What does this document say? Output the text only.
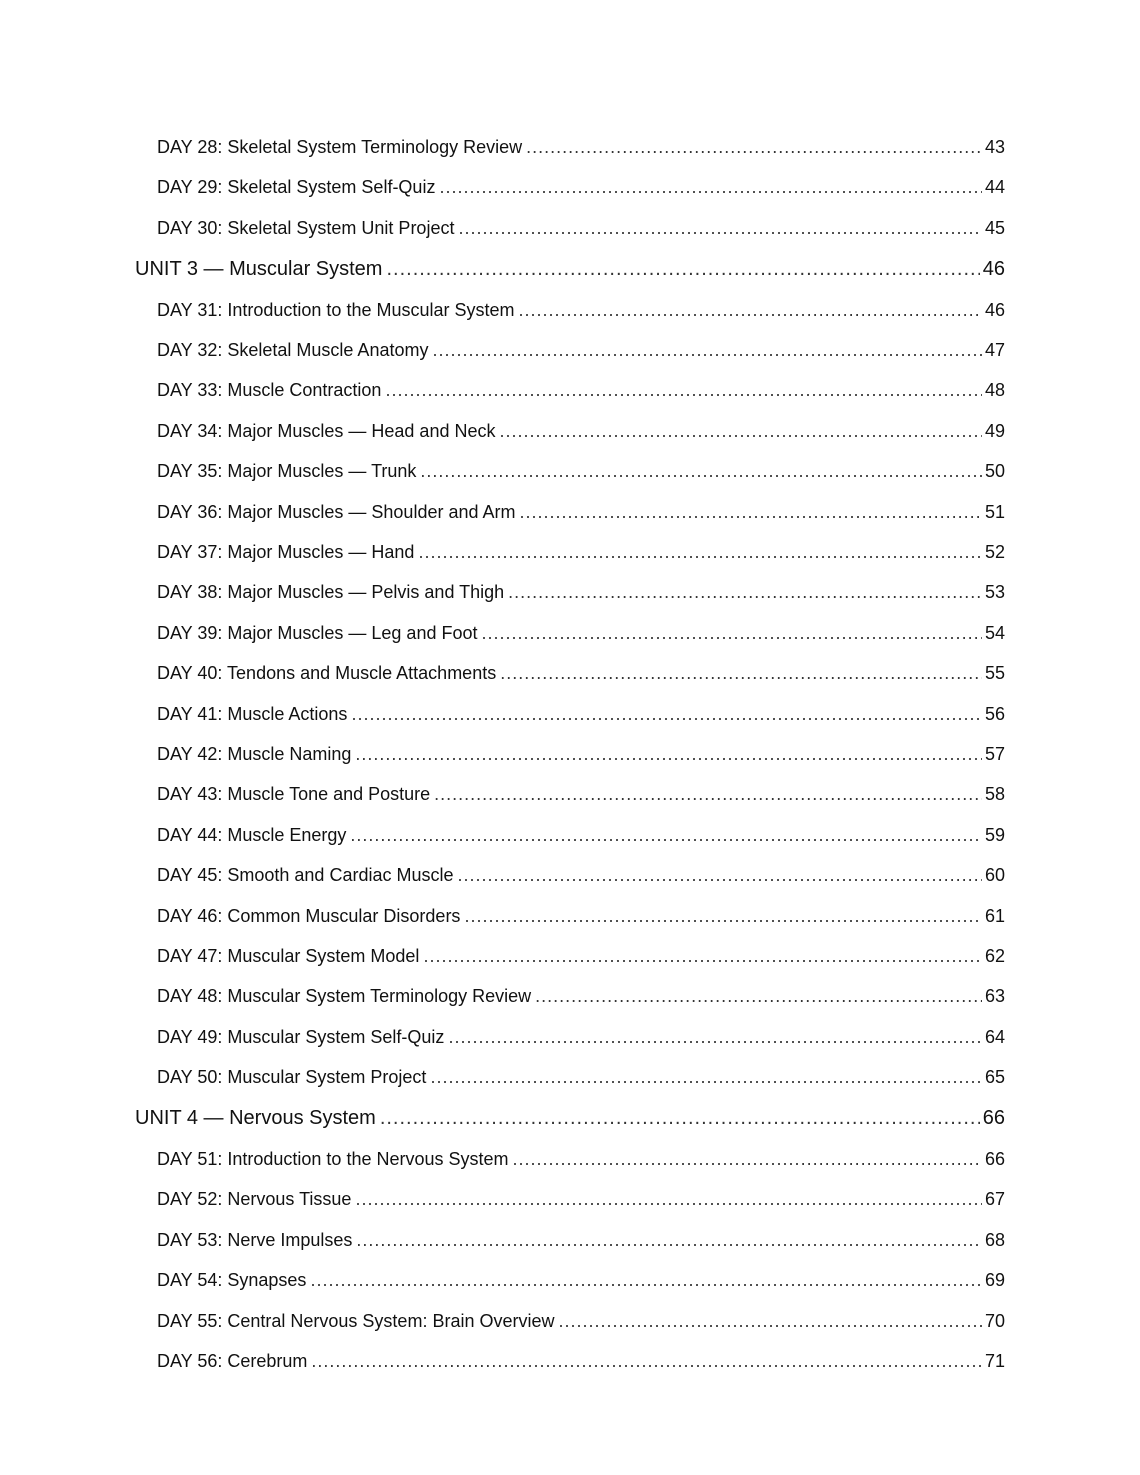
DAY 28: Skeletal System Terminology Review .....	43
DAY 29: Skeletal System Self-Quiz .....	44
DAY 30: Skeletal System Unit Project .....	45
UNIT 3 — Muscular System .....	46
DAY 31: Introduction to the Muscular System .....	46
DAY 32: Skeletal Muscle Anatomy .....	47
DAY 33: Muscle Contraction .....	48
DAY 34: Major Muscles — Head and Neck .....	49
DAY 35: Major Muscles — Trunk .....	50
DAY 36: Major Muscles — Shoulder and Arm .....	51
DAY 37: Major Muscles — Hand .....	52
DAY 38: Major Muscles — Pelvis and Thigh .....	53
DAY 39: Major Muscles — Leg and Foot .....	54
DAY 40: Tendons and Muscle Attachments .....	55
DAY 41: Muscle Actions .....	56
DAY 42: Muscle Naming .....	57
DAY 43: Muscle Tone and Posture .....	58
DAY 44: Muscle Energy .....	59
DAY 45: Smooth and Cardiac Muscle .....	60
DAY 46: Common Muscular Disorders .....	61
DAY 47: Muscular System Model .....	62
DAY 48: Muscular System Terminology Review .....	63
DAY 49: Muscular System Self-Quiz .....	64
DAY 50: Muscular System Project .....	65
UNIT 4 — Nervous System .....	66
DAY 51: Introduction to the Nervous System .....	66
DAY 52: Nervous Tissue .....	67
DAY 53: Nerve Impulses .....	68
DAY 54: Synapses .....	69
DAY 55: Central Nervous System: Brain Overview .....	70
DAY 56: Cerebrum .....	71
